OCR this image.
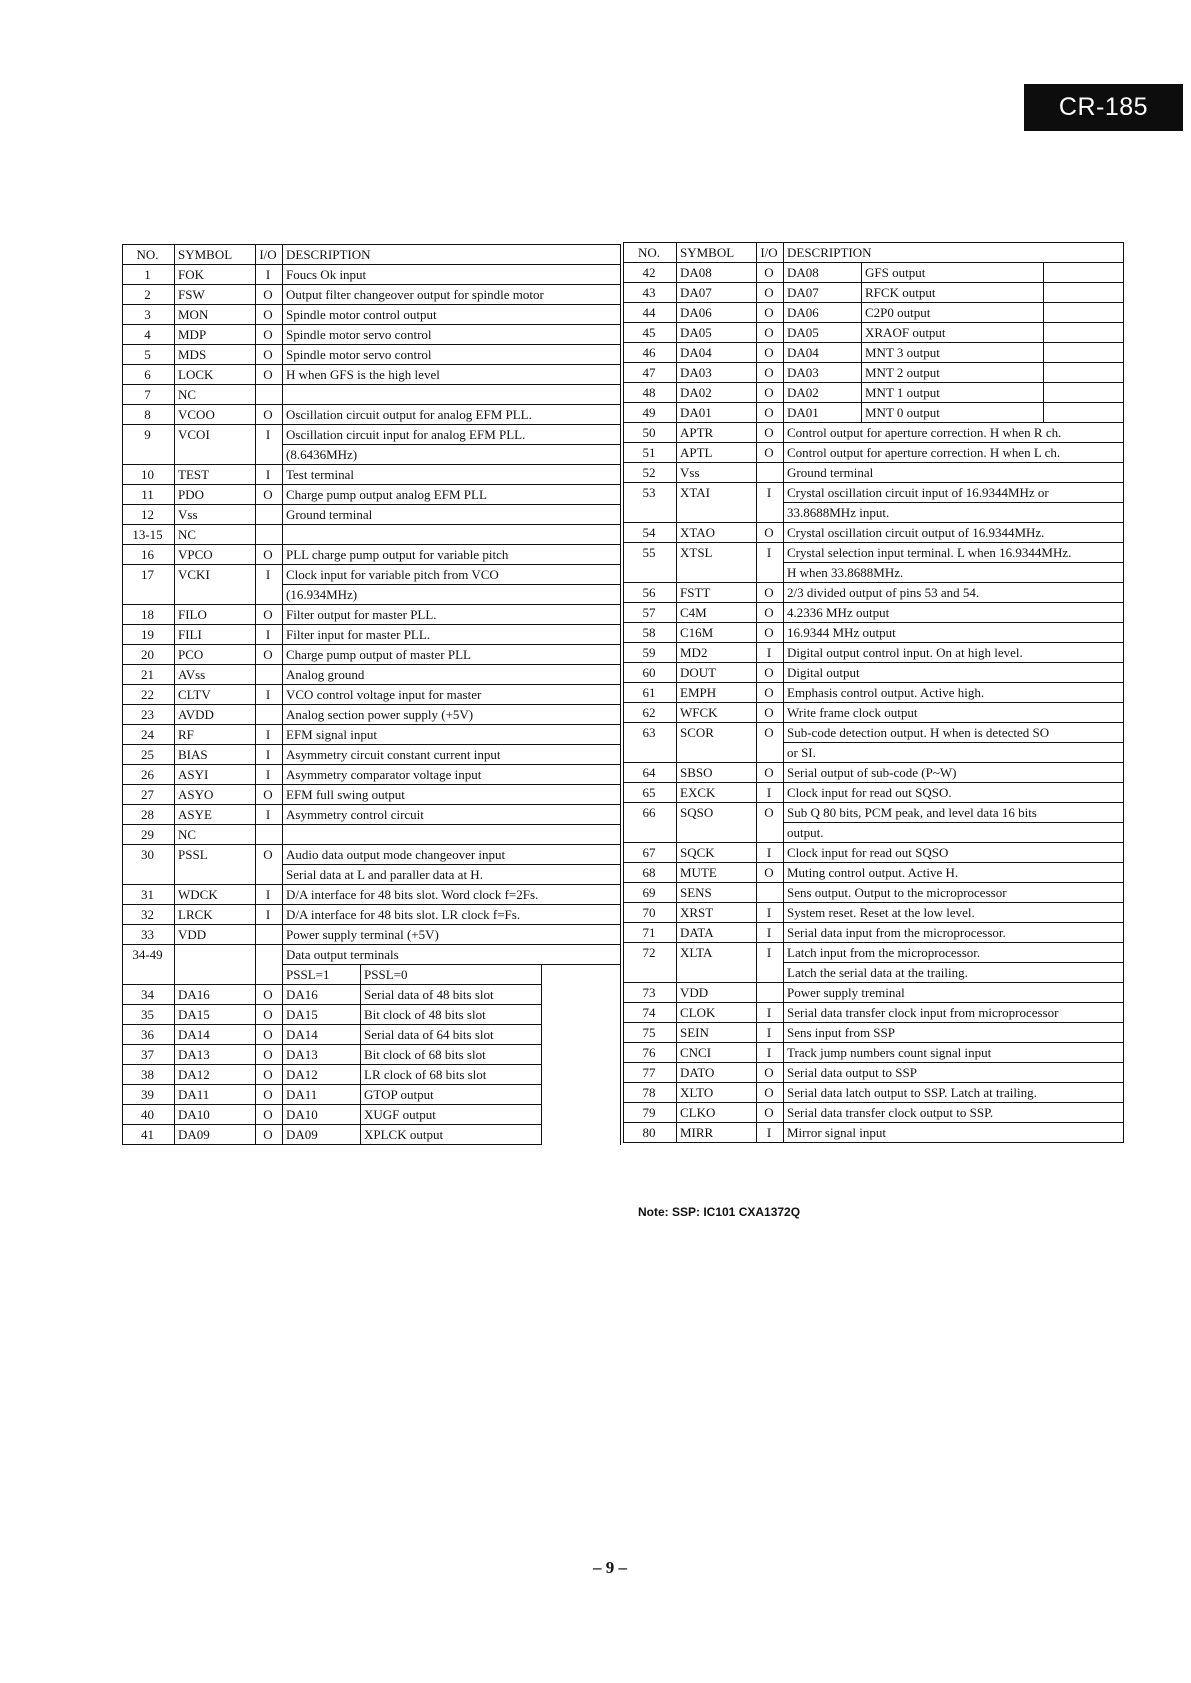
CR-185
NO.	SYMBOL	I/O	DESCRIPTION		
1	FOK	I	Foucs Ok input		
2	FSW	O	Output filter changeover output for spindle motor		
3	MON	O	Spindle motor control output		
4	MDP	O	Spindle motor servo control		
5	MDS	O	Spindle motor servo control		
6	LOCK	O	H when GFS is the high level		
7	NC				
8	VCOO	O	Oscillation circuit output for analog EFM PLL.		
9	VCOI	I	Oscillation circuit input for analog EFM PLL.		
			(8.6436MHz)		
10	TEST	I	Test terminal		
11	PDO	O	Charge pump output analog EFM PLL		
12	Vss		Ground terminal		
13-15	NC				
16	VPCO	O	PLL charge pump output for variable pitch		
17	VCKI	I	Clock input for variable pitch from VCO		
			(16.934MHz)		
18	FILO	O	Filter output for master PLL.		
19	FILI	I	Filter input for master PLL.		
20	PCO	O	Charge pump output of master PLL		
21	AVss		Analog ground		
22	CLTV	I	VCO control voltage input for master		
23	AVDD		Analog section power supply (+5V)		
24	RF	I	EFM signal input		
25	BIAS	I	Asymmetry circuit constant current input		
26	ASYI	I	Asymmetry comparator voltage input		
27	ASYO	O	EFM full swing output		
28	ASYE	I	Asymmetry control circuit		
29	NC				
30	PSSL	O	Audio data output mode changeover input		
			Serial data at L and paraller data at H.		
31	WDCK	I	D/A interface for 48 bits slot. Word clock f=2Fs.		
32	LRCK	I	D/A interface for 48 bits slot. LR clock f=Fs.		
33	VDD		Power supply terminal (+5V)		
34-49			Data output terminals		
			PSSL=1	PSSL=0	
34	DA16	O	DA16	Serial data of 48 bits slot	
35	DA15	O	DA15	Bit clock of 48 bits slot	
36	DA14	O	DA14	Serial data of 64 bits slot	
37	DA13	O	DA13	Bit clock of 68 bits slot	
38	DA12	O	DA12	LR clock of 68 bits slot	
39	DA11	O	DA11	GTOP output	
40	DA10	O	DA10	XUGF output	
41	DA09	O	DA09	XPLCK output	
NO.	SYMBOL	I/O	DESCRIPTION		
42	DA08	O	DA08	GFS output	
43	DA07	O	DA07	RFCK output	
44	DA06	O	DA06	C2P0 output	
45	DA05	O	DA05	XRAOF output	
46	DA04	O	DA04	MNT 3 output	
47	DA03	O	DA03	MNT 2 output	
48	DA02	O	DA02	MNT 1 output	
49	DA01	O	DA01	MNT 0 output	
50	APTR	O	Control output for aperture correction. H when R ch.		
51	APTL	O	Control output for aperture correction. H when L ch.		
52	Vss		Ground terminal		
53	XTAI	I	Crystal oscillation circuit input of 16.9344MHz or		
			33.8688MHz input.		
54	XTAO	O	Crystal oscillation circuit output of 16.9344MHz.		
55	XTSL	I	Crystal selection input terminal. L when 16.9344MHz.		
			H when 33.8688MHz.		
56	FSTT	O	2/3 divided output of pins 53 and 54.		
57	C4M	O	4.2336 MHz output		
58	C16M	O	16.9344 MHz output		
59	MD2	I	Digital output control input. On at high level.		
60	DOUT	O	Digital output		
61	EMPH	O	Emphasis control output. Active high.		
62	WFCK	O	Write frame clock output		
63	SCOR	O	Sub-code detection output. H when is detected SO		
			or SI.		
64	SBSO	O	Serial output of sub-code (P~W)		
65	EXCK	I	Clock input for read out SQSO.		
66	SQSO	O	Sub Q 80 bits, PCM peak, and level data 16 bits		
			output.		
67	SQCK	I	Clock input for read out SQSO		
68	MUTE	O	Muting control output. Active H.		
69	SENS		Sens output. Output to the microprocessor		
70	XRST	I	System reset. Reset at the low level.		
71	DATA	I	Serial data input from the microprocessor.		
72	XLTA	I	Latch input from the microprocessor.		
			Latch the serial data at the trailing.		
73	VDD		Power supply treminal		
74	CLOK	I	Serial data transfer clock input from microprocessor		
75	SEIN	I	Sens input from SSP		
76	CNCI	I	Track jump numbers count signal input		
77	DATO	O	Serial data output to SSP		
78	XLTO	O	Serial data latch output to SSP. Latch at trailing.		
79	CLKO	O	Serial data transfer clock output to SSP.		
80	MIRR	I	Mirror signal input		
Note: SSP: IC101 CXA1372Q
– 9 –
